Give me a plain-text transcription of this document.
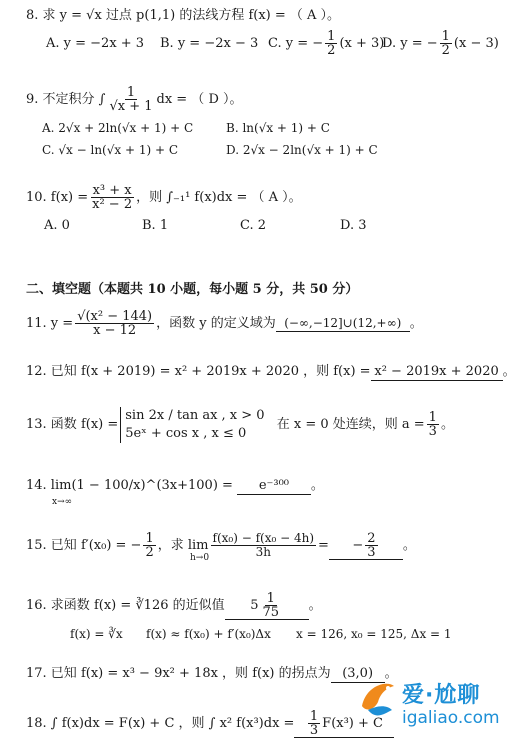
8. 求 y = √x 过点 p(1,1) 的法线方程 f(x) = （ A ）。
A. y = −2x + 3 B. y = −2x − 3 C. y = − $\frac{1}{2} (x + 3)$
D. y = − $\frac{1}{2} (x - 3)$
9. 不定积分 ∫ $\frac{1}{√x + 1}$ dx = （ D ）。
A. 2√x + 2ln(√x + 1) + C	B. ln(√x + 1) + C
C. √x − ln(√x + 1) + C	D. 2√x − 2ln(√x + 1) + C
10. $f(x) = \frac{\text{x³ + x}}{\text{x² − 2}}$ ，则 ∫₋₁¹ f(x)dx = （ A ）。
A. 0	B. 1	C. 2	D. 3
二、填空题（本题共 10 小题，每小题 5 分，共 50 分）
11. $y = \frac{\text{√(x² − 144)}}{x - 12}$ ，函数 y 的定义域为 (−∞,−12]∪(12,+∞) 。
12. 已知 f(x + 2019) = x² + 2019x + 2020 ，则 f(x) = x² − 2019x + 2020 。
13. 函数 f(x) =
sin 2x / tan ax , x > 0
5eˣ + cos x , x ≤ 0
在 x = 0 处连续，则 $a = \frac{1}{3}$ 。
14. lim(1 − 100/x)^(3x+100) = e⁻³⁰⁰ 。
x→∞
15. 已知 f′(x₀) = − $\frac{1}{2}$ ，求 $\lim \frac{\text{f(x₀) − f(x₀ − 4h)}}{3h}$ = − $\frac{2}{3}$ 。
h→0
16. 求函数 f(x) = ∛126 的近似值 $5 \frac{1}{75}$ 。
f(x) = ∛x f(x) ≈ f(x₀) + f′(x₀)Δx x = 126, x₀ = 125, Δx = 1
17. 已知 f(x) = x³ − 9x² + 18x ，则 f(x) 的拐点为 (3,0) 。
18. ∫ f(x)dx = F(x) + C ，则 ∫ x² $f(x^3)dx = \frac{1}{3} F(x^3) + C$
爱·尬聊
igaliao.com
